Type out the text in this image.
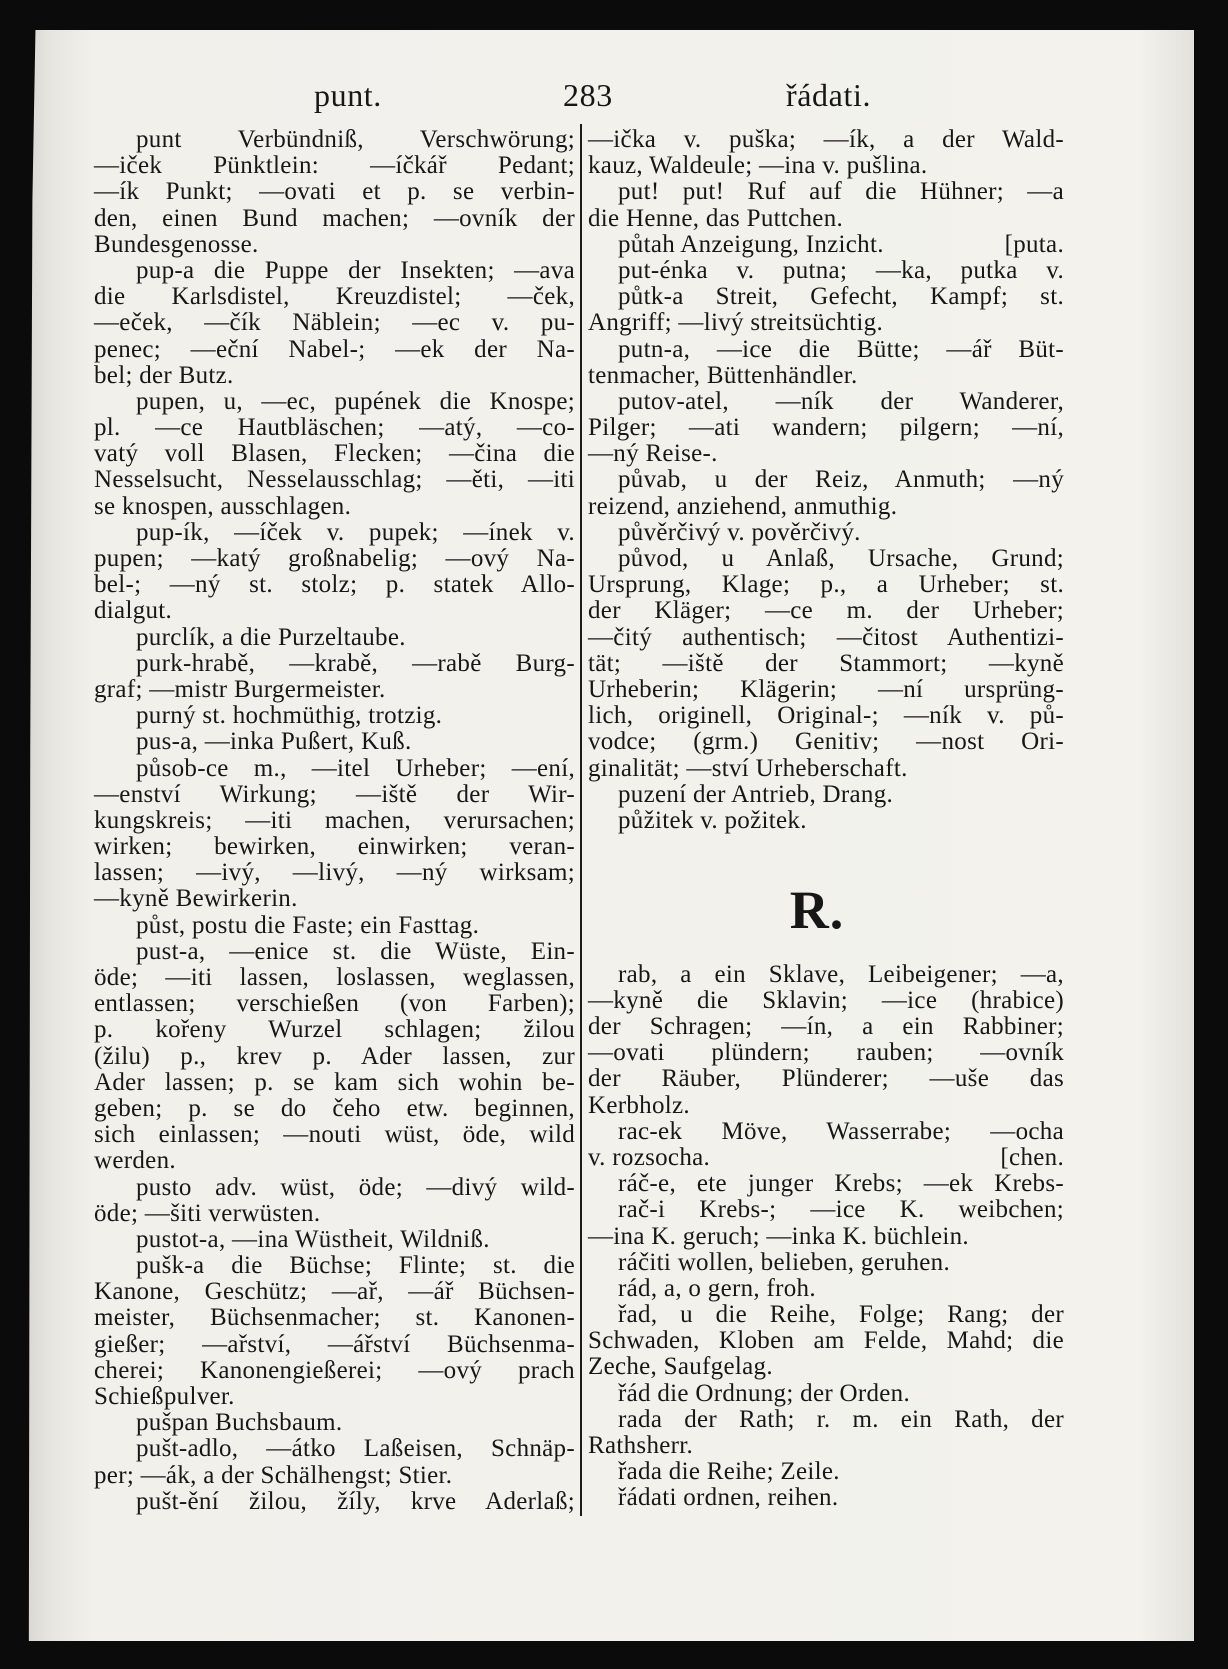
punt.	283	řádati.
punt Verbündniß, Verschwörung;
—iček Pünktlein: —íčkář Pedant;
—ík Punkt; —ovati et p. se verbin-
den, einen Bund machen; —ovník der
Bundesgenosse.
pup-a die Puppe der Insekten; —ava
die Karlsdistel, Kreuzdistel; —ček,
—eček, —čík Näblein; —ec v. pu-
penec; —eční Nabel-; —ek der Na-
bel; der Butz.
pupen, u, —ec, pupének die Knospe;
pl. —ce Hautbläschen; —atý, —co-
vatý voll Blasen, Flecken; —čina die
Nesselsucht, Nesselausschlag; —ěti, —iti
se knospen, ausschlagen.
pup-ík, —íček v. pupek; —ínek v.
pupen; —katý großnabelig; —ový Na-
bel-; —ný st. stolz; p. statek Allo-
dialgut.
purclík, a die Purzeltaube.
purk-hrabě, —krabě, —rabě Burg-
graf; —mistr Burgermeister.
purný st. hochmüthig, trotzig.
pus-a, —inka Pußert, Kuß.
působ-ce m., —itel Urheber; —ení,
—enství Wirkung; —iště der Wir-
kungskreis; —iti machen, verursachen;
wirken; bewirken, einwirken; veran-
lassen; —ivý, —livý, —ný wirksam;
—kyně Bewirkerin.
půst, postu die Faste; ein Fasttag.
pust-a, —enice st. die Wüste, Ein-
öde; —iti lassen, loslassen, weglassen,
entlassen; verschießen (von Farben);
p. kořeny Wurzel schlagen; žilou
(žilu) p., krev p. Ader lassen, zur
Ader lassen; p. se kam sich wohin be-
geben; p. se do čeho etw. beginnen,
sich einlassen; —nouti wüst, öde, wild
werden.
pusto adv. wüst, öde; —divý wild-
öde; —šiti verwüsten.
pustot-a, —ina Wüstheit, Wildniß.
pušk-a die Büchse; Flinte; st. die
Kanone, Geschütz; —ař, —ář Büchsen-
meister, Büchsenmacher; st. Kanonen-
gießer; —ařství, —ářství Büchsenma-
cherei; Kanonengießerei; —ový prach
Schießpulver.
pušpan Buchsbaum.
pušt-adlo, —átko Laßeisen, Schnäp-
per; —ák, a der Schälhengst; Stier.
pušt-ění žilou, žíly, krve Aderlaß;
—ička v. puška; —ík, a der Wald-
kauz, Waldeule; —ina v. pušlina.
put! put! Ruf auf die Hühner; —a
die Henne, das Puttchen.
půtah Anzeigung, Inzicht.	[puta.
put-énka v. putna; —ka, putka v.
půtk-a Streit, Gefecht, Kampf; st.
Angriff; —livý streitsüchtig.
putn-a, —ice die Bütte; —ář Büt-
tenmacher, Büttenhändler.
putov-atel, —ník der Wanderer,
Pilger; —ati wandern; pilgern; —ní,
—ný Reise-.
půvab, u der Reiz, Anmuth; —ný
reizend, anziehend, anmuthig.
půvěrčivý v. pověrčivý.
původ, u Anlaß, Ursache, Grund;
Ursprung, Klage; p., a Urheber; st.
der Kläger; —ce m. der Urheber;
—čitý authentisch; —čitost Authentizi-
tät; —iště der Stammort; —kyně
Urheberin; Klägerin; —ní ursprüng-
lich, originell, Original-; —ník v. pů-
vodce; (grm.) Genitiv; —nost Ori-
ginalität; —ství Urheberschaft.
puzení der Antrieb, Drang.
půžitek v. požitek.
R.
rab, a ein Sklave, Leibeigener; —a,
—kyně die Sklavin; —ice (hrabice)
der Schragen; —ín, a ein Rabbiner;
—ovati plündern; rauben; —ovník
der Räuber, Plünderer; —uše das
Kerbholz.
rac-ek Möve, Wasserrabe; —ocha
v. rozsocha.	[chen.
ráč-e, ete junger Krebs; —ek Krebs-
rač-i Krebs-; —ice K. weibchen;
—ina K. geruch; —inka K. büchlein.
ráčiti wollen, belieben, geruhen.
rád, a, o gern, froh.
řad, u die Reihe, Folge; Rang; der
Schwaden, Kloben am Felde, Mahd; die
Zeche, Saufgelag.
řád die Ordnung; der Orden.
rada der Rath; r. m. ein Rath, der
Rathsherr.
řada die Reihe; Zeile.
řádati ordnen, reihen.
